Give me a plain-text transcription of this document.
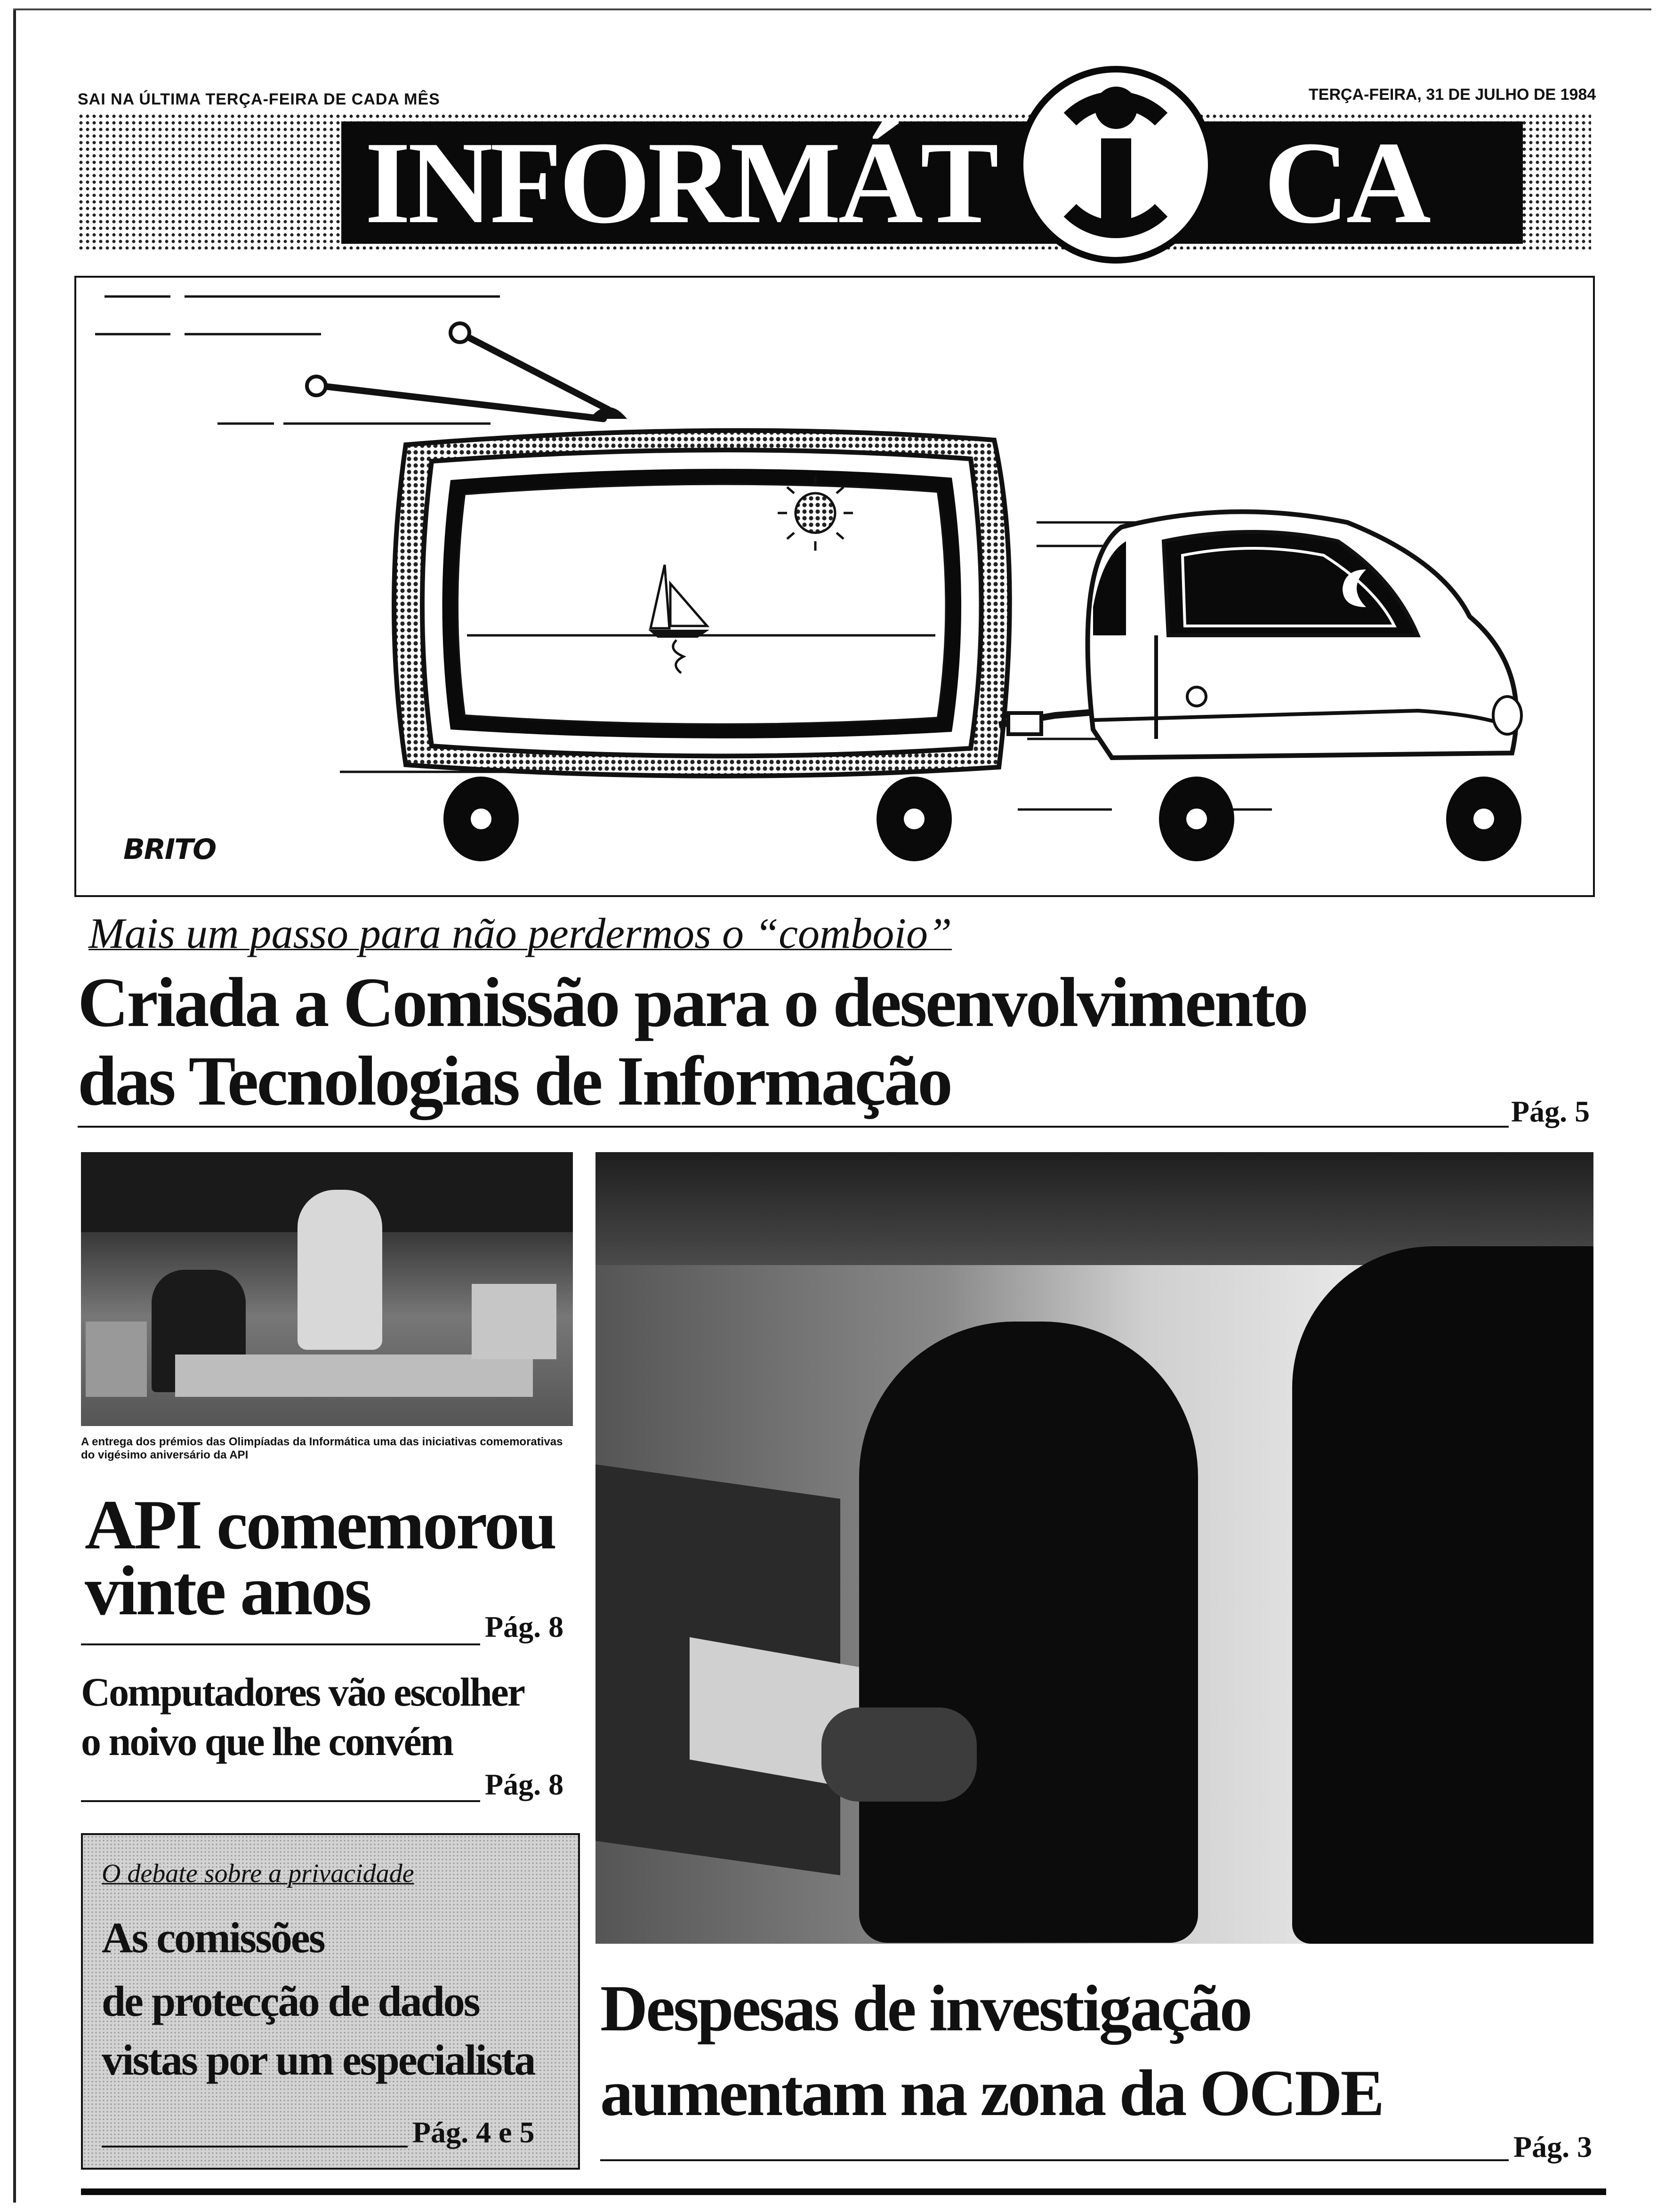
SAI NA ÚLTIMA TERÇA-FEIRA DE CADA MÊS	TERÇA-FEIRA, 31 DE JULHO DE 1984
INFORMÁT CA
BRITO
Mais um passo para não perdermos o “comboio”
Criada a Comissão para o desenvolvimento
das Tecnologias de Informação	Pág. 5
A entrega dos prémios das Olimpíadas da Informática uma das iniciativas comemorativas do vigésimo aniversário da API
API comemorou
vinte anos	Pág. 8
Computadores vão escolher
o noivo que lhe convém
Pág. 8
O debate sobre a privacidade
As comissões
de protecção de dados
vistas por um especialista
Pág. 4 e 5
Despesas de investigação
aumentam na zona da OCDE
Pág. 3
